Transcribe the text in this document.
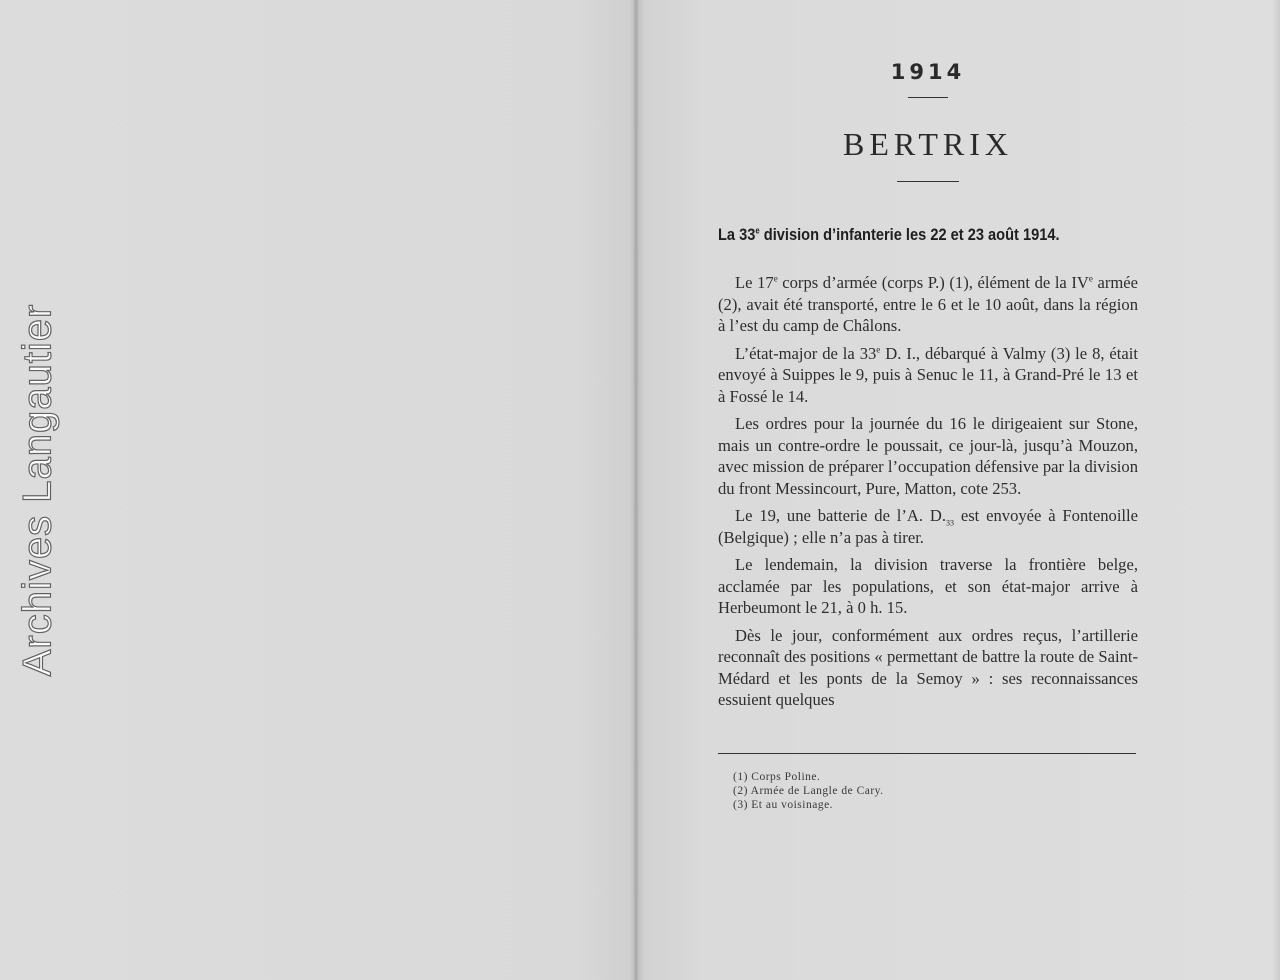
Archives Langautier
1914
BERTRIX
La 33e division d’infanterie les 22 et 23 août 1914.

Le 17e corps d’armée (corps P.) (1), élément de la IVe armée (2), avait été transporté, entre le 6 et le 10 août, dans la région à l’est du camp de Châlons.

L’état-major de la 33e D. I., débarqué à Valmy (3) le 8, était envoyé à Suippes le 9, puis à Senuc le 11, à Grand-Pré le 13 et à Fossé le 14.

Les ordres pour la journée du 16 le dirigeaient sur Stone, mais un contre-ordre le poussait, ce jour-là, jusqu’à Mouzon, avec mission de préparer l’occupation défensive par la division du front Messincourt, Pure, Matton, cote 253.

Le 19, une batterie de l’A. $D._{33}$ est envoyée à Fontenoille (Belgique) ; elle n’a pas à tirer.

Le lendemain, la division traverse la frontière belge, acclamée par les populations, et son état-major arrive à Herbeumont le 21, à 0 h. 15.

Dès le jour, conformément aux ordres reçus, l’artillerie reconnaît des positions « permettant de battre la route de Saint-Médard et les ponts de la Semoy » : ses reconnaissances essuient quelques

(1) Corps Poline.
(2) Armée de Langle de Cary.
(3) Et au voisinage.
